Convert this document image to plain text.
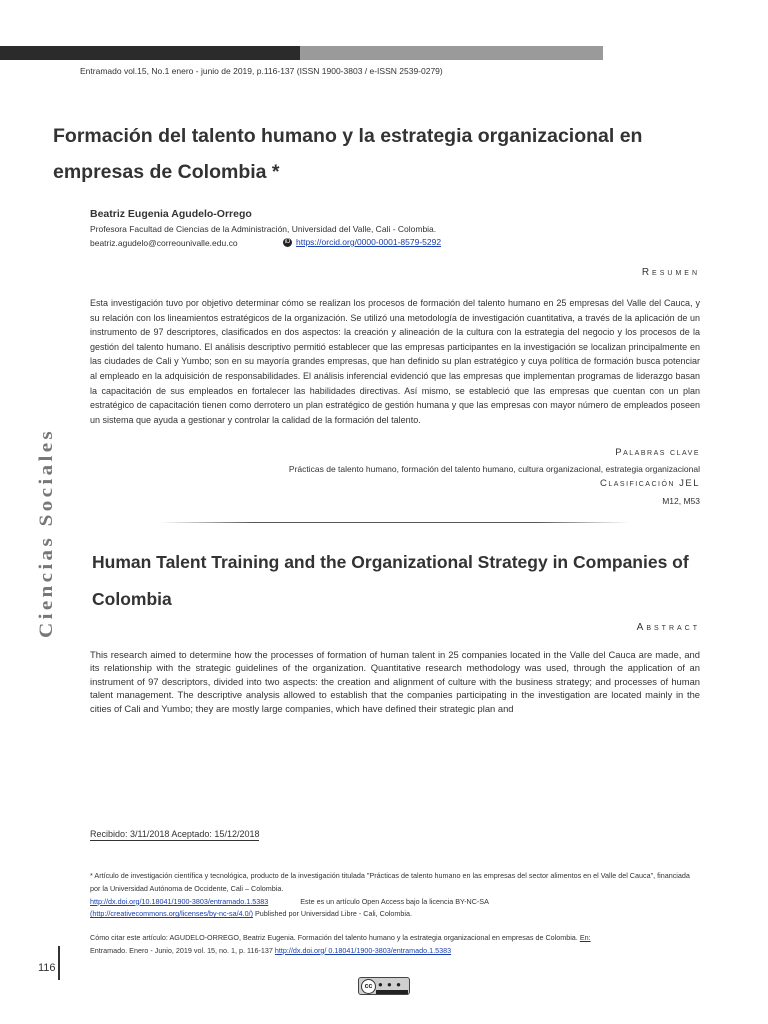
Entramado vol.15, No.1 enero - junio de 2019, p.116-137 (ISSN 1900-3803 / e-ISSN 2539-0279)
Formación del talento humano y la estrategia organizacional en empresas de Colombia *
Beatriz Eugenia Agudelo-Orrego
Profesora Facultad de Ciencias de la Administración, Universidad del Valle, Cali - Colombia.
beatriz.agudelo@correounivalle.edu.co	iD https://orcid.org/0000-0001-8579-5292
Resumen
Esta investigación tuvo por objetivo determinar cómo se realizan los procesos de formación del talento humano en 25 empresas del Valle del Cauca, y su relación con los lineamientos estratégicos de la organización. Se utilizó una metodología de investigación cuantitativa, a través de la aplicación de un instrumento de 97 descriptores, clasificados en dos aspectos: la creación y alineación de la cultura con la estrategia del negocio y los procesos de la gestión del talento humano. El análisis descriptivo permitió establecer que las empresas participantes en la investigación se localizan principalmente en las ciudades de Cali y Yumbo; son en su mayoría grandes empresas, que han definido su plan estratégico y cuya política de formación busca potenciar al empleado en la adquisición de responsabilidades. El análisis inferencial evidenció que las empresas que implementan programas de liderazgo basan la capacitación de sus empleados en fortalecer las habilidades directivas. Así mismo, se estableció que las empresas que cuentan con un plan estratégico de capacitación tienen como derrotero un plan estratégico de gestión humana y que las empresas con mayor número de empleados poseen un sistema que ayuda a gestionar y controlar la calidad de la formación del talento.
Palabras clave
Prácticas de talento humano, formación del talento humano, cultura organizacional, estrategia organizacional
Clasificación JEL
M12, M53
Ciencias Sociales Human Talent Training and the Organizational Strategy in Companies of Colombia
Abstract
This research aimed to determine how the processes of formation of human talent in 25 companies located in the Valle del Cauca are made, and its relationship with the strategic guidelines of the organization. Quantitative research methodology was used, through the application of an instrument of 97 descriptors, divided into two aspects: the creation and alignment of culture with the business strategy; and processes of human talent management. The descriptive analysis allowed to establish that the companies participating in the investigation are located mainly in the cities of Cali and Yumbo; they are mostly large companies, which have defined their strategic plan and
Recibido: 3/11/2018 Aceptado: 15/12/2018
* Artículo de investigación científica y tecnológica, producto de la investigación titulada "Prácticas de talento humano en las empresas del sector alimentos en el Valle del Cauca", financiada por la Universidad Autónoma de Occidente, Cali – Colombia.
http://dx.doi.org/10.18041/1900-3803/entramado.1.5383	Este es un artículo Open Access bajo la licencia BY-NC-SA
(http://creativecommons.org/licenses/by-nc-sa/4.0/) Published por Universidad Libre - Cali, Colombia.
Cómo citar este artículo: AGUDELO-ORREGO, Beatriz Eugenia. Formación del talento humano y la estrategia organizacional en empresas de Colombia. En:
Entramado. Enero - Junio, 2019 vol. 15, no. 1, p. 116-137 http://dx.doi.org/ 0.18041/1900-3803/entramado.1.5383
116
cc ● ● ●
